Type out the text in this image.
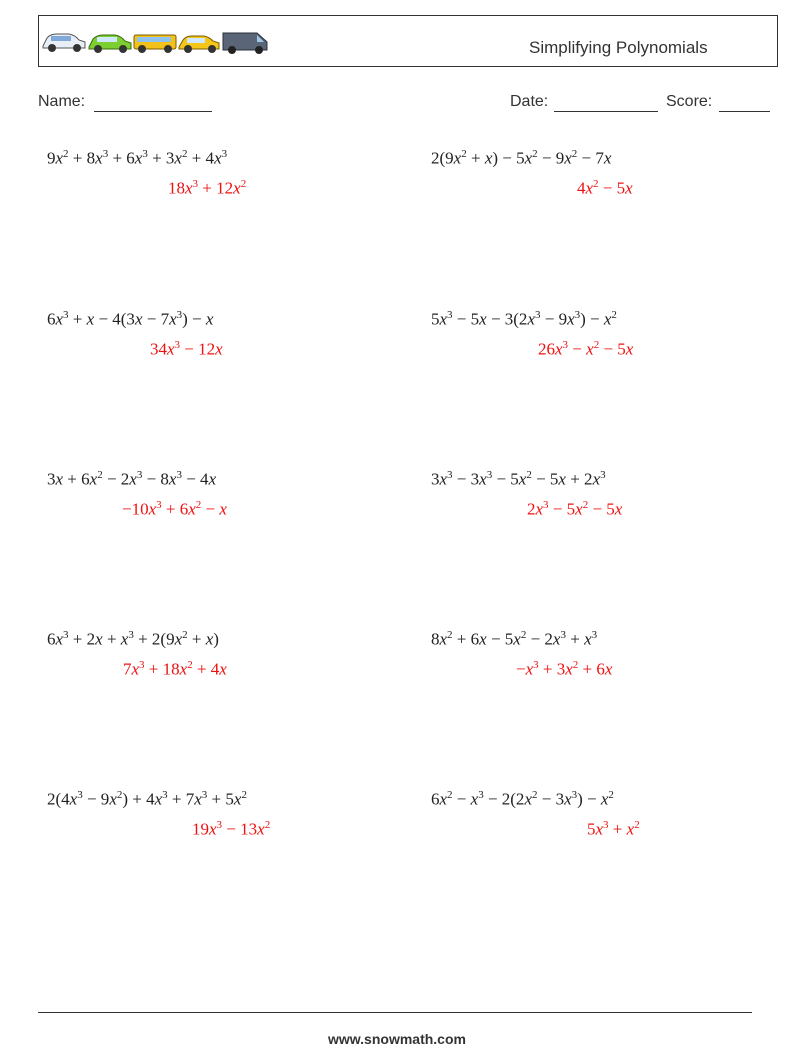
Simplifying Polynomials
Name:	Date:	Score:
$9x^2 + 8x^3 + 6x^3 + 3x^2 + 4x^3$
$18x^3 + 12x^2$
$2(9x^2 + x) - 5x^2 - 9x^2 - 7x$
$4x^2 - 5x$
$6x^3 + x - 4(3x - 7x^3) - x$
$34x^3 - 12x$
$5x^3 - 5x - 3(2x^3 - 9x^3) - x^2$
$26x^3 - x^2 - 5x$
$3x + 6x^2 - 2x^3 - 8x^3 - 4x$
$-10x^3 + 6x^2 - x$
$3x^3 - 3x^3 - 5x^2 - 5x + 2x^3$
$2x^3 - 5x^2 - 5x$
$6x^3 + 2x + x^3 + 2(9x^2 + x)$
$7x^3 + 18x^2 + 4x$
$8x^2 + 6x - 5x^2 - 2x^3 + x^3$
$-x^3 + 3x^2 + 6x$
$2(4x^3 - 9x^2) + 4x^3 + 7x^3 + 5x^2$
$19x^3 - 13x^2$
$6x^2 - x^3 - 2(2x^2 - 3x^3) - x^2$
$5x^3 + x^2$
www.snowmath.com
